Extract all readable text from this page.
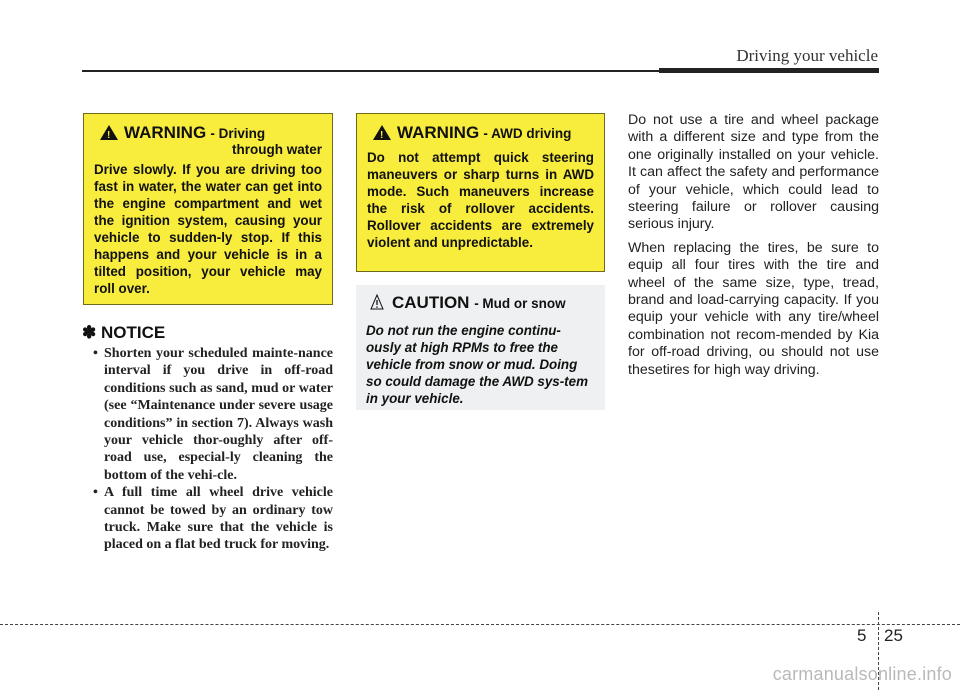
Driving your vehicle
!WARNING - Driving
through water
Drive slowly. If you are driving too fast in water, the water can get into the engine compartment and wet the ignition system, causing your vehicle to sudden-ly stop. If this happens and your vehicle is in a tilted position, your vehicle may roll over.
!WARNING - AWD driving
Do not attempt quick steering maneuvers or sharp turns in AWD mode. Such maneuvers increase the risk of rollover accidents. Rollover accidents are extremely violent and unpredictable.
CAUTION - Mud or snow
Do not run the engine continu-ously at high RPMs to free the vehicle from snow or mud. Doing so could damage the AWD sys-tem in your vehicle.
✽ NOTICE
• Shorten your scheduled mainte-nance interval if you drive in off-road conditions such as sand, mud or water (see “Maintenance under severe usage conditions” in section 7). Always wash your vehicle thor-oughly after off-road use, especial-ly cleaning the bottom of the vehi-cle.
• A full time all wheel drive vehicle cannot be towed by an ordinary tow truck. Make sure that the vehicle is placed on a flat bed truck for moving.

Do not use a tire and wheel package with a different size and type from the one originally installed on your vehicle. It can affect the safety and performance of your vehicle, which could lead to steering failure or rollover causing serious injury.

When replacing the tires, be sure to equip all four tires with the tire and wheel of the same size, type, tread, brand and load-carrying capacity. If you equip your vehicle with any tire/wheel combination not recom-mended by Kia for off-road driving, ou should not use thesetires for high way driving.

5 25
carmanualsonline.info
